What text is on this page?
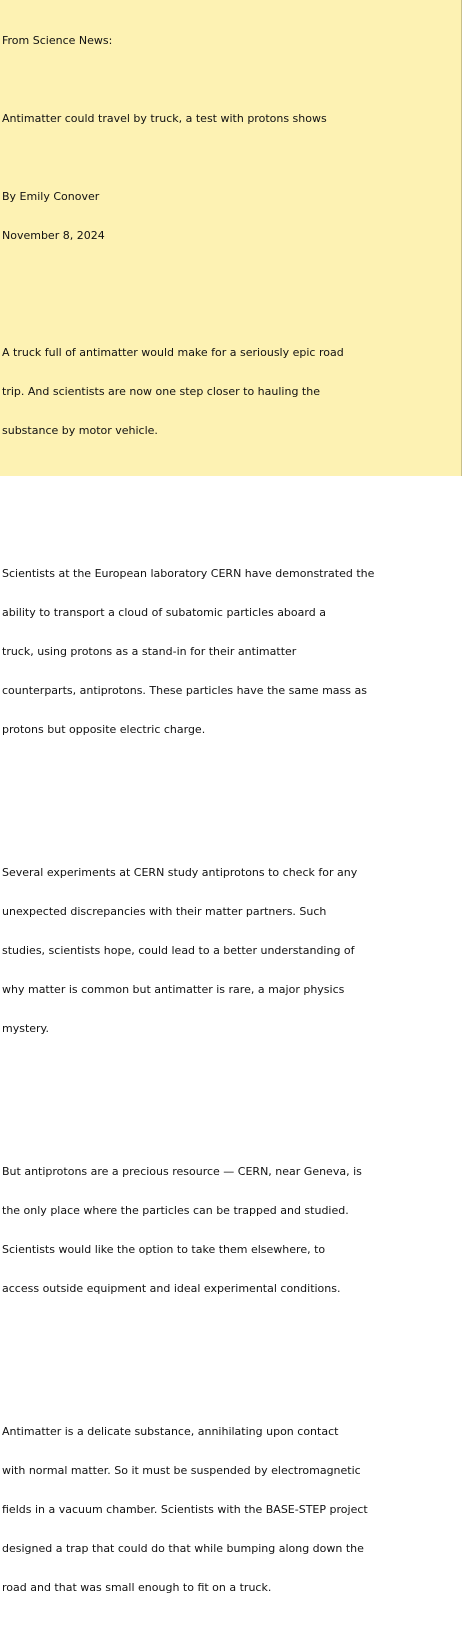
From Science News:

Antimatter could travel by truck, a test with protons shows

By Emily Conover

November 8, 2024

A truck full of antimatter would make for a seriously epic road

trip. And scientists are now one step closer to hauling the

substance by motor vehicle.

Scientists at the European laboratory CERN have demonstrated the

ability to transport a cloud of subatomic particles aboard a

truck, using protons as a stand-in for their antimatter

counterparts, antiprotons. These particles have the same mass as

protons but opposite electric charge.

Several experiments at CERN study antiprotons to check for any

unexpected discrepancies with their matter partners. Such

studies, scientists hope, could lead to a better understanding of

why matter is common but antimatter is rare, a major physics

mystery.

But antiprotons are a precious resource — CERN, near Geneva, is

the only place where the particles can be trapped and studied.

Scientists would like the option to take them elsewhere, to

access outside equipment and ideal experimental conditions.

Antimatter is a delicate substance, annihilating upon contact

with normal matter. So it must be suspended by electromagnetic

fields in a vacuum chamber. Scientists with the BASE-STEP project

designed a trap that could do that while bumping along down the

road and that was small enough to fit on a truck.
